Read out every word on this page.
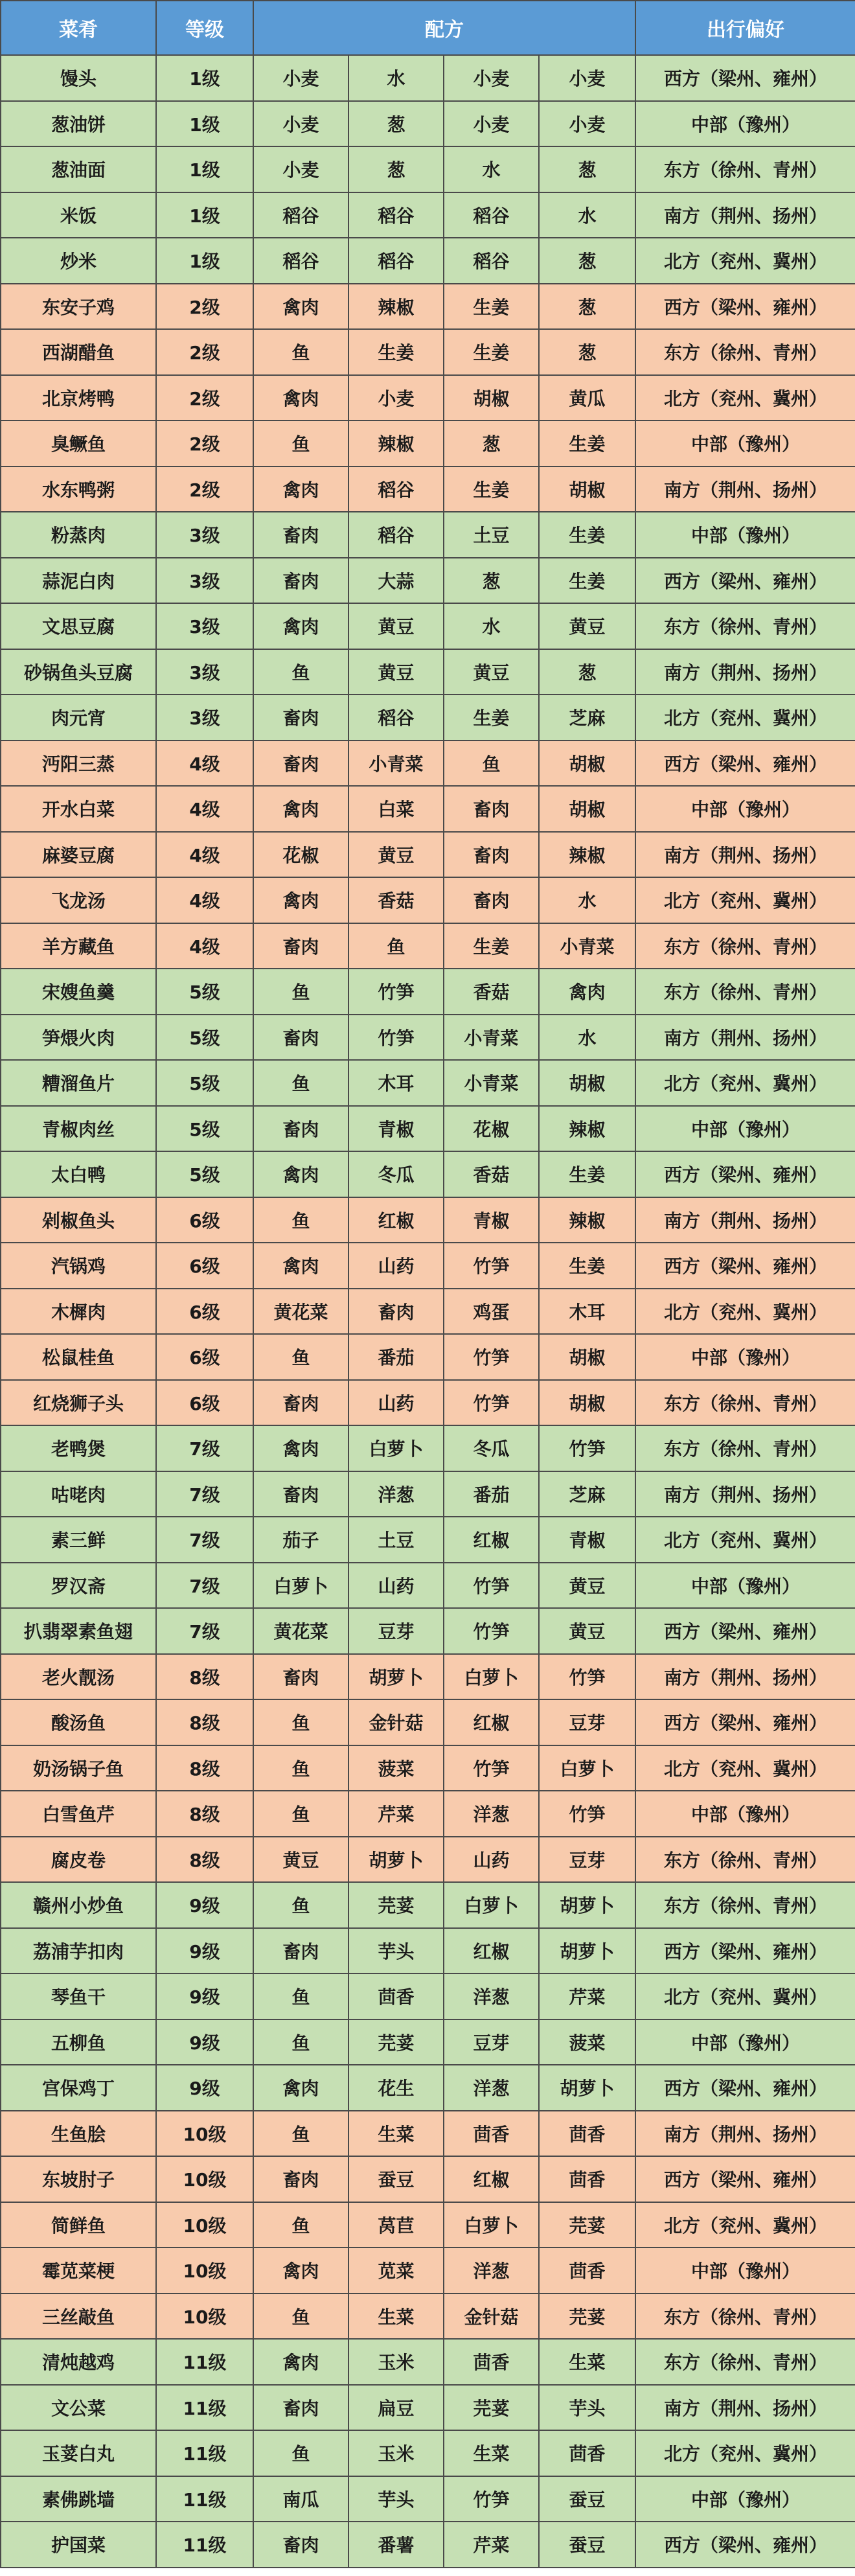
菜肴	等级	配方				出行偏好
馒头	1级	小麦	水	小麦	小麦	西方（梁州、雍州）
葱油饼	1级	小麦	葱	小麦	小麦	中部（豫州）
葱油面	1级	小麦	葱	水	葱	东方（徐州、青州）
米饭	1级	稻谷	稻谷	稻谷	水	南方（荆州、扬州）
炒米	1级	稻谷	稻谷	稻谷	葱	北方（兖州、冀州）
东安子鸡	2级	禽肉	辣椒	生姜	葱	西方（梁州、雍州）
西湖醋鱼	2级	鱼	生姜	生姜	葱	东方（徐州、青州）
北京烤鸭	2级	禽肉	小麦	胡椒	黄瓜	北方（兖州、冀州）
臭鳜鱼	2级	鱼	辣椒	葱	生姜	中部（豫州）
水东鸭粥	2级	禽肉	稻谷	生姜	胡椒	南方（荆州、扬州）
粉蒸肉	3级	畜肉	稻谷	土豆	生姜	中部（豫州）
蒜泥白肉	3级	畜肉	大蒜	葱	生姜	西方（梁州、雍州）
文思豆腐	3级	禽肉	黄豆	水	黄豆	东方（徐州、青州）
砂锅鱼头豆腐	3级	鱼	黄豆	黄豆	葱	南方（荆州、扬州）
肉元宵	3级	畜肉	稻谷	生姜	芝麻	北方（兖州、冀州）
沔阳三蒸	4级	畜肉	小青菜	鱼	胡椒	西方（梁州、雍州）
开水白菜	4级	禽肉	白菜	畜肉	胡椒	中部（豫州）
麻婆豆腐	4级	花椒	黄豆	畜肉	辣椒	南方（荆州、扬州）
飞龙汤	4级	禽肉	香菇	畜肉	水	北方（兖州、冀州）
羊方藏鱼	4级	畜肉	鱼	生姜	小青菜	东方（徐州、青州）
宋嫂鱼羹	5级	鱼	竹笋	香菇	禽肉	东方（徐州、青州）
笋煨火肉	5级	畜肉	竹笋	小青菜	水	南方（荆州、扬州）
糟溜鱼片	5级	鱼	木耳	小青菜	胡椒	北方（兖州、冀州）
青椒肉丝	5级	畜肉	青椒	花椒	辣椒	中部（豫州）
太白鸭	5级	禽肉	冬瓜	香菇	生姜	西方（梁州、雍州）
剁椒鱼头	6级	鱼	红椒	青椒	辣椒	南方（荆州、扬州）
汽锅鸡	6级	禽肉	山药	竹笋	生姜	西方（梁州、雍州）
木樨肉	6级	黄花菜	畜肉	鸡蛋	木耳	北方（兖州、冀州）
松鼠桂鱼	6级	鱼	番茄	竹笋	胡椒	中部（豫州）
红烧狮子头	6级	畜肉	山药	竹笋	胡椒	东方（徐州、青州）
老鸭煲	7级	禽肉	白萝卜	冬瓜	竹笋	东方（徐州、青州）
咕咾肉	7级	畜肉	洋葱	番茄	芝麻	南方（荆州、扬州）
素三鲜	7级	茄子	土豆	红椒	青椒	北方（兖州、冀州）
罗汉斋	7级	白萝卜	山药	竹笋	黄豆	中部（豫州）
扒翡翠素鱼翅	7级	黄花菜	豆芽	竹笋	黄豆	西方（梁州、雍州）
老火靓汤	8级	畜肉	胡萝卜	白萝卜	竹笋	南方（荆州、扬州）
酸汤鱼	8级	鱼	金针菇	红椒	豆芽	西方（梁州、雍州）
奶汤锅子鱼	8级	鱼	菠菜	竹笋	白萝卜	北方（兖州、冀州）
白雪鱼芹	8级	鱼	芹菜	洋葱	竹笋	中部（豫州）
腐皮卷	8级	黄豆	胡萝卜	山药	豆芽	东方（徐州、青州）
赣州小炒鱼	9级	鱼	芫荽	白萝卜	胡萝卜	东方（徐州、青州）
荔浦芋扣肉	9级	畜肉	芋头	红椒	胡萝卜	西方（梁州、雍州）
琴鱼干	9级	鱼	茴香	洋葱	芹菜	北方（兖州、冀州）
五柳鱼	9级	鱼	芫荽	豆芽	菠菜	中部（豫州）
宫保鸡丁	9级	禽肉	花生	洋葱	胡萝卜	西方（梁州、雍州）
生鱼脍	10级	鱼	生菜	茴香	茴香	南方（荆州、扬州）
东坡肘子	10级	畜肉	蚕豆	红椒	茴香	西方（梁州、雍州）
简鲜鱼	10级	鱼	莴苣	白萝卜	芫荽	北方（兖州、冀州）
霉苋菜梗	10级	禽肉	苋菜	洋葱	茴香	中部（豫州）
三丝敲鱼	10级	鱼	生菜	金针菇	芫荽	东方（徐州、青州）
清炖越鸡	11级	禽肉	玉米	茴香	生菜	东方（徐州、青州）
文公菜	11级	畜肉	扁豆	芫荽	芋头	南方（荆州、扬州）
玉荽白丸	11级	鱼	玉米	生菜	茴香	北方（兖州、冀州）
素佛跳墙	11级	南瓜	芋头	竹笋	蚕豆	中部（豫州）
护国菜	11级	畜肉	番薯	芹菜	蚕豆	西方（梁州、雍州）
